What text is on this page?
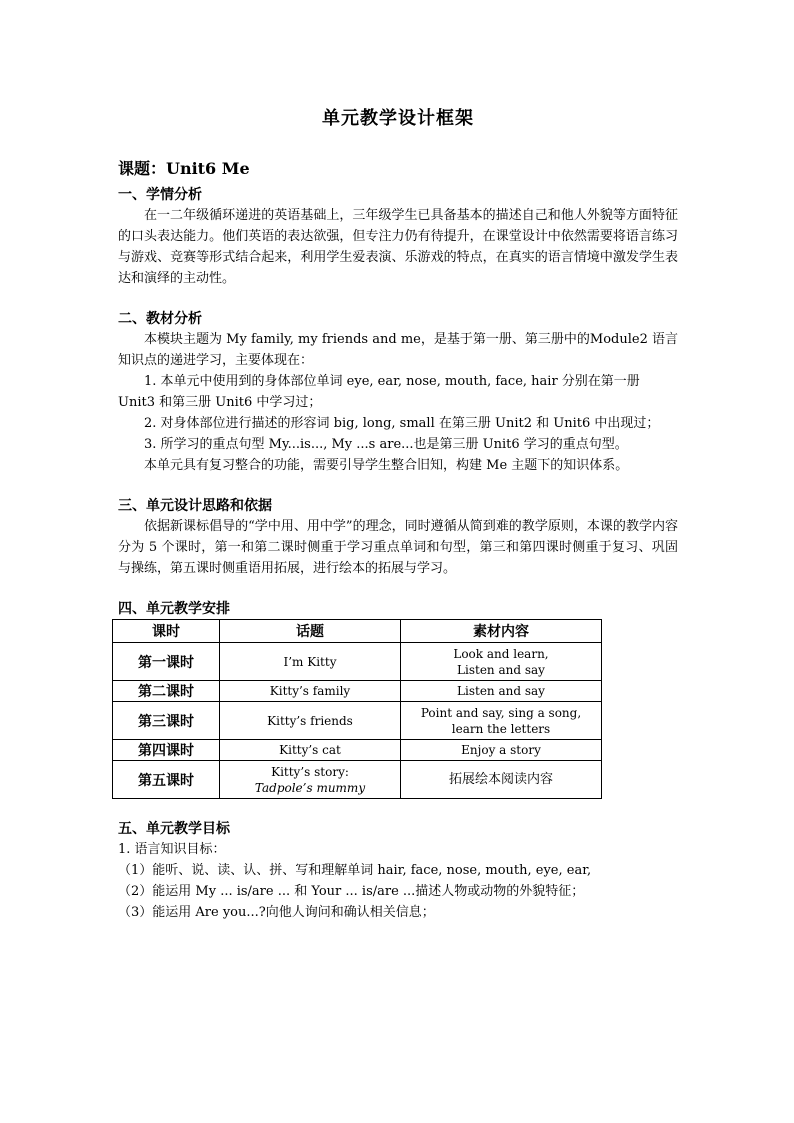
单元教学设计框架
课题：Unit6 Me
一、学情分析
在一二年级循环递进的英语基础上，三年级学生已具备基本的描述自己和他人外貌等方面特征的口头表达能力。他们英语的表达欲强，但专注力仍有待提升，在课堂设计中依然需要将语言练习与游戏、竞赛等形式结合起来，利用学生爱表演、乐游戏的特点，在真实的语言情境中激发学生表达和演绎的主动性。
二、教材分析
本模块主题为 My family, my friends and me，是基于第一册、第三册中的Module2 语言知识点的递进学习，主要体现在：
1. 本单元中使用到的身体部位单词 eye, ear, nose, mouth, face, hair 分别在第一册 Unit3 和第三册 Unit6 中学习过；
2. 对身体部位进行描述的形容词 big, long, small 在第三册 Unit2 和 Unit6 中出现过；
3. 所学习的重点句型 My...is..., My ...s are...也是第三册 Unit6 学习的重点句型。
本单元具有复习整合的功能，需要引导学生整合旧知，构建 Me 主题下的知识体系。
三、单元设计思路和依据
依据新课标倡导的“学中用、用中学”的理念，同时遵循从简到难的教学原则，本课的教学内容分为 5 个课时，第一和第二课时侧重于学习重点单词和句型，第三和第四课时侧重于复习、巩固与操练，第五课时侧重语用拓展，进行绘本的拓展与学习。
四、单元教学安排
课时	话题	素材内容
第一课时	I’m Kitty	Look and learn,
Listen and say

第二课时	Kitty’s family	Listen and say

第三课时	Kitty’s friends	Point and say, sing a song,
learn the letters

第四课时	Kitty’s cat	Enjoy a story

第五课时	Kitty’s story:
Tadpole’s mummy	拓展绘本阅读内容
五、单元教学目标
1. 语言知识目标：
（1）能听、说、读、认、拼、写和理解单词 hair, face, nose, mouth, eye, ear,
（2）能运用 My ... is/are ... 和 Your ... is/are ...描述人物或动物的外貌特征；
（3）能运用 Are you...?向他人询问和确认相关信息；
